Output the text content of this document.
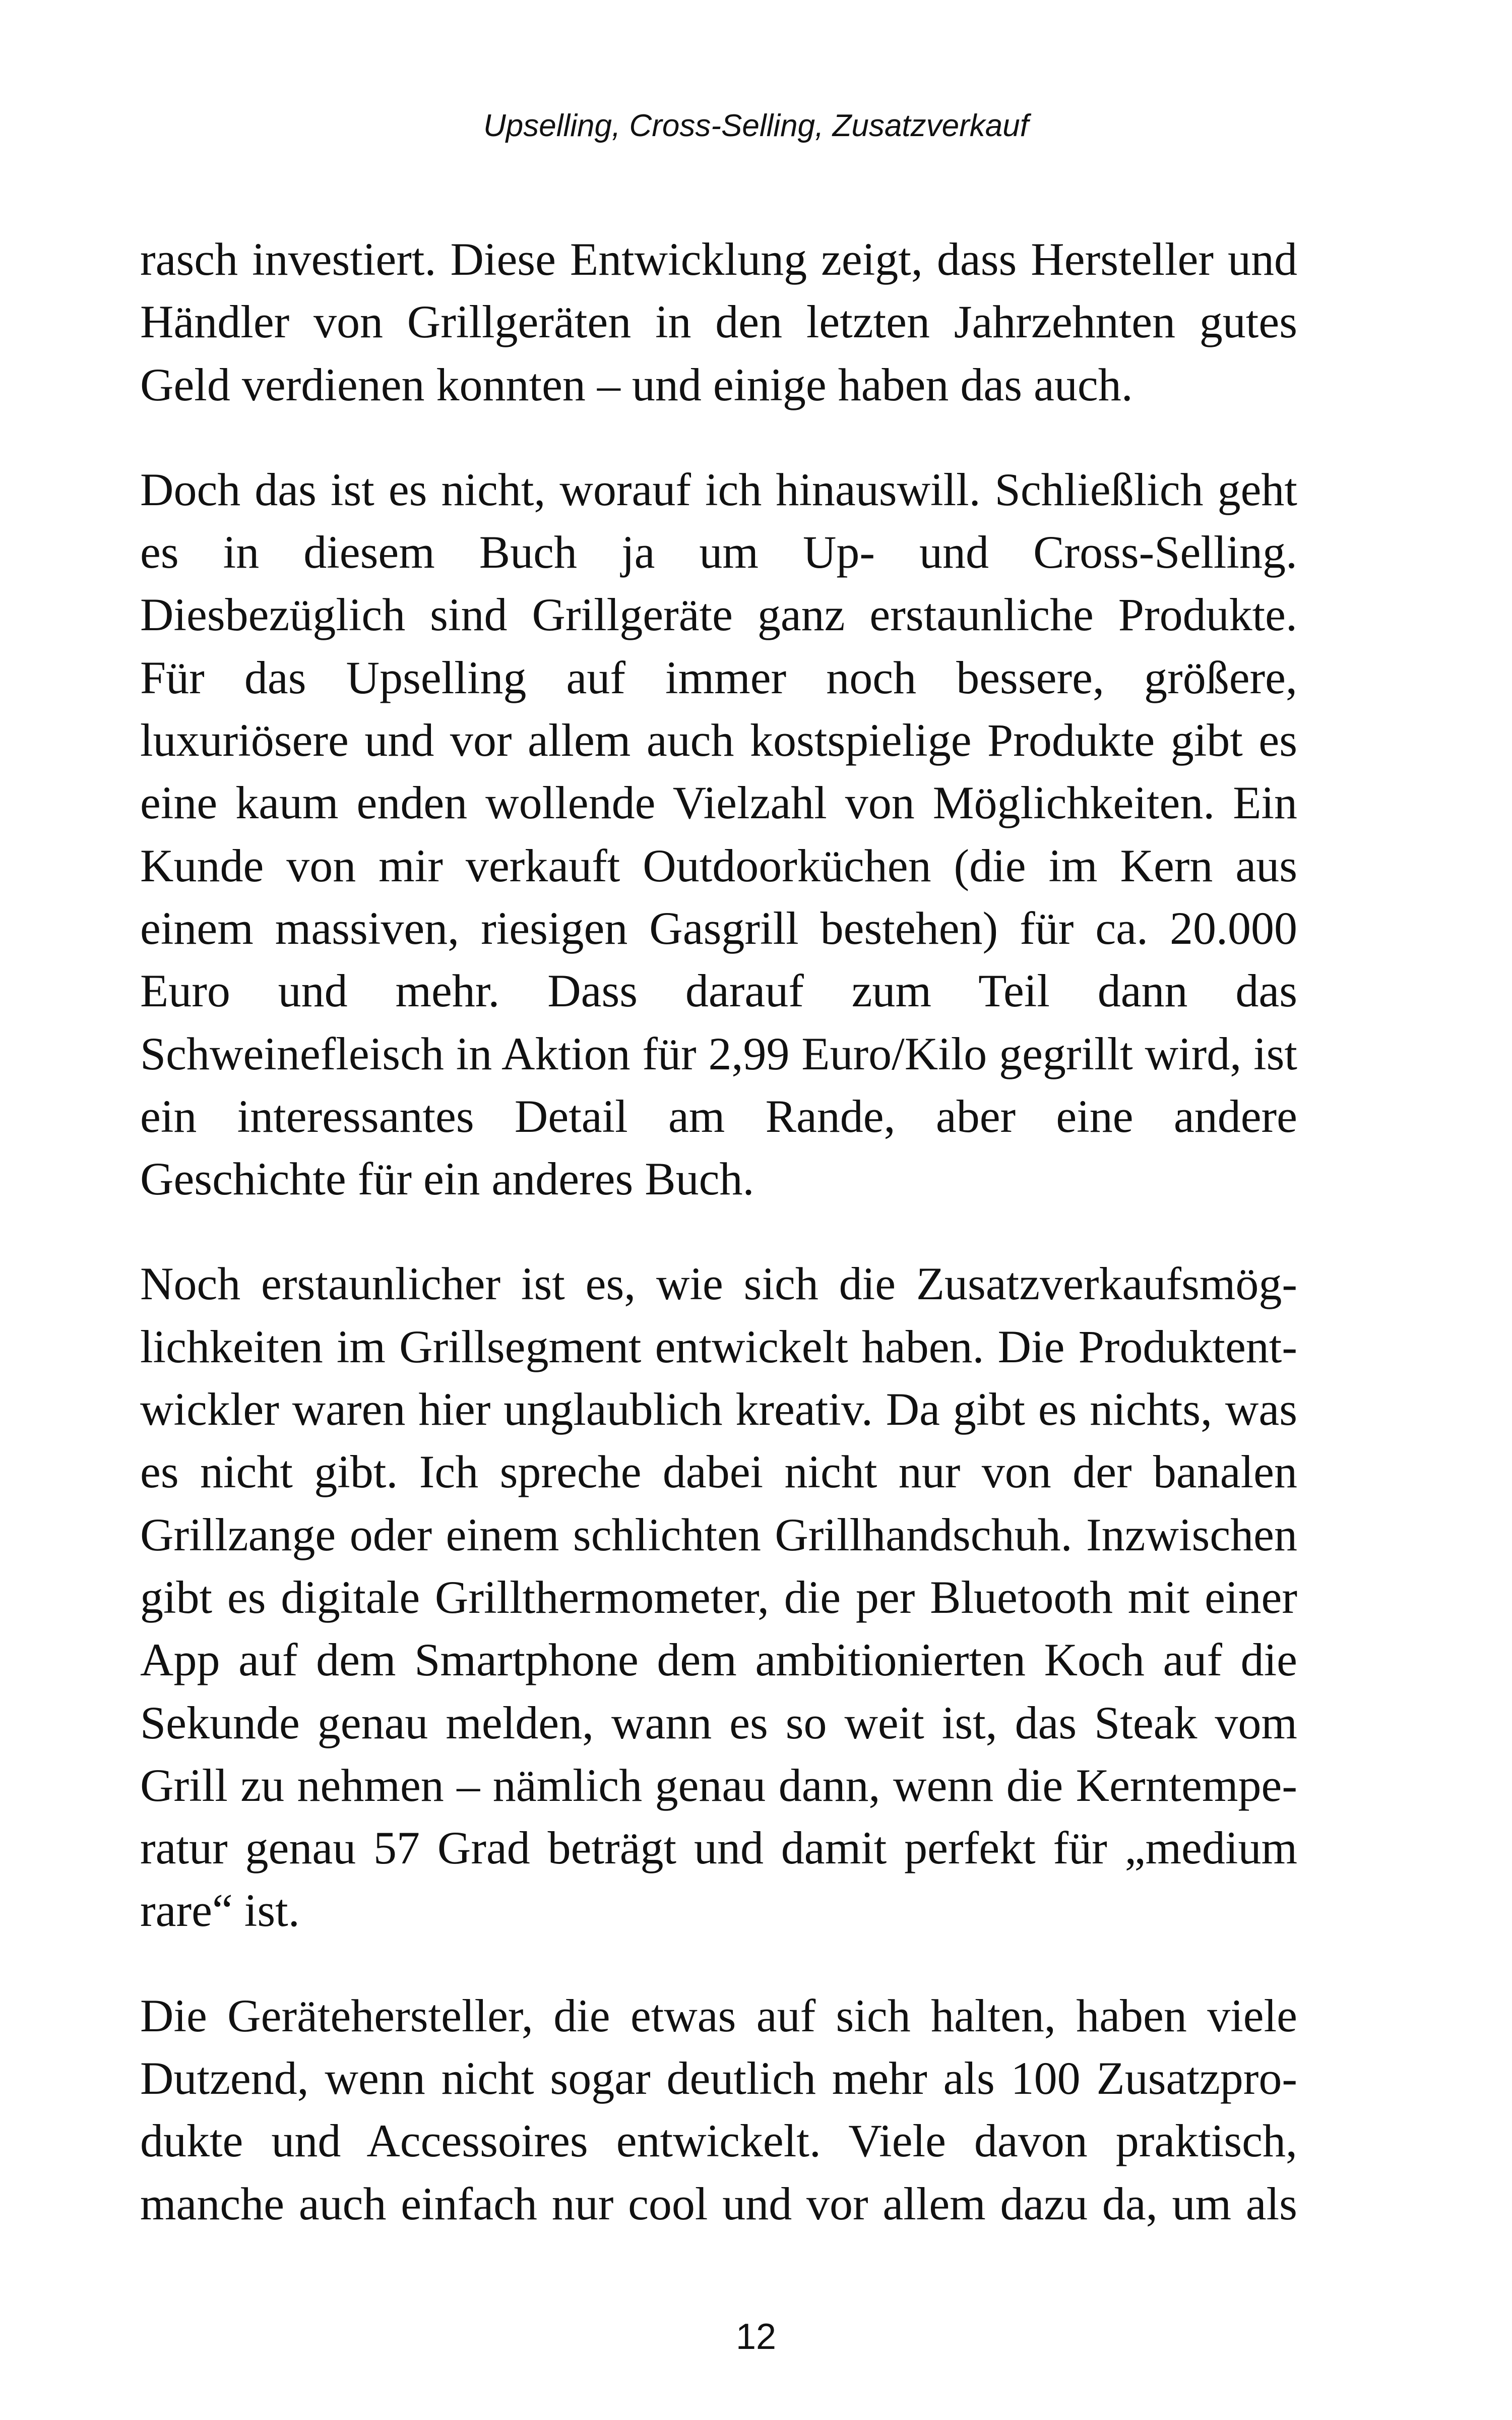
Upselling, Cross-Selling, Zusatzverkauf

rasch investiert. Diese Entwicklung zeigt, dass Hersteller und
Händler von Grillgeräten in den letzten Jahrzehnten gutes
Geld verdienen konnten – und einige haben das auch.

Doch das ist es nicht, worauf ich hinauswill. Schließlich geht
es in diesem Buch ja um Up- und Cross-Selling.
Diesbezüglich sind Grillgeräte ganz erstaunliche Produkte.
Für das Upselling auf immer noch bessere, größere,
luxuriösere und vor allem auch kostspielige Produkte gibt es
eine kaum enden wollende Vielzahl von Möglichkeiten. Ein
Kunde von mir verkauft Outdoorküchen (die im Kern aus
einem massiven, riesigen Gasgrill bestehen) für ca. 20.000
Euro und mehr. Dass darauf zum Teil dann das
Schweinefleisch in Aktion für 2,99 Euro/Kilo gegrillt wird, ist
ein interessantes Detail am Rande, aber eine andere
Geschichte für ein anderes Buch.

Noch erstaunlicher ist es, wie sich die Zusatzverkaufsmög-
lichkeiten im Grillsegment entwickelt haben. Die Produktent-
wickler waren hier unglaublich kreativ. Da gibt es nichts, was
es nicht gibt. Ich spreche dabei nicht nur von der banalen
Grillzange oder einem schlichten Grillhandschuh. Inzwischen
gibt es digitale Grillthermometer, die per Bluetooth mit einer
App auf dem Smartphone dem ambitionierten Koch auf die
Sekunde genau melden, wann es so weit ist, das Steak vom
Grill zu nehmen – nämlich genau dann, wenn die Kerntempe-
ratur genau 57 Grad beträgt und damit perfekt für „medium
rare“ ist.

Die Gerätehersteller, die etwas auf sich halten, haben viele
Dutzend, wenn nicht sogar deutlich mehr als 100 Zusatzpro-
dukte und Accessoires entwickelt. Viele davon praktisch,
manche auch einfach nur cool und vor allem dazu da, um als

12
